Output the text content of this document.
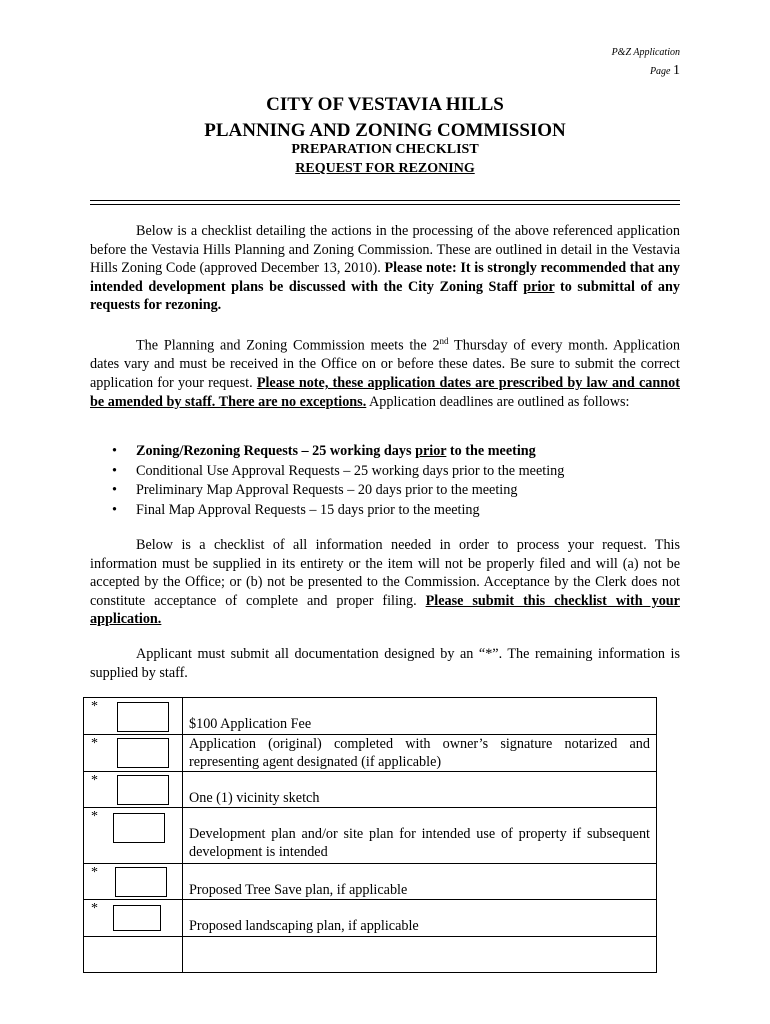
P&Z Application
Page 1
CITY OF VESTAVIA HILLS
PLANNING AND ZONING COMMISSION
PREPARATION CHECKLIST
REQUEST FOR REZONING

Below is a checklist detailing the actions in the processing of the above referenced application before the Vestavia Hills Planning and Zoning Commission. These are outlined in detail in the Vestavia Hills Zoning Code (approved December 13, 2010). Please note: It is strongly recommended that any intended development plans be discussed with the City Zoning Staff prior to submittal of any requests for rezoning.

The Planning and Zoning Commission meets the 2nd Thursday of every month. Application dates vary and must be received in the Office on or before these dates. Be sure to submit the correct application for your request. Please note, these application dates are prescribed by law and cannot be amended by staff. There are no exceptions. Application deadlines are outlined as follows:

• Zoning/Rezoning Requests – 25 working days prior to the meeting
• Conditional Use Approval Requests – 25 working days prior to the meeting
• Preliminary Map Approval Requests – 20 days prior to the meeting
• Final Map Approval Requests – 15 days prior to the meeting

Below is a checklist of all information needed in order to process your request. This information must be supplied in its entirety or the item will not be properly filed and will (a) not be accepted by the Office; or (b) not be presented to the Commission. Acceptance by the Clerk does not constitute acceptance of complete and proper filing. Please submit this checklist with your application.

Applicant must submit all documentation designed by an “*”. The remaining information is supplied by staff.

*	$100 Application Fee

*	Application (original) completed with owner’s signature notarized and representing agent designated (if applicable)

*	One (1) vicinity sketch

*	Development plan and/or site plan for intended use of property if subsequent development is intended

*	Proposed Tree Save plan, if applicable

*	Proposed landscaping plan, if applicable
